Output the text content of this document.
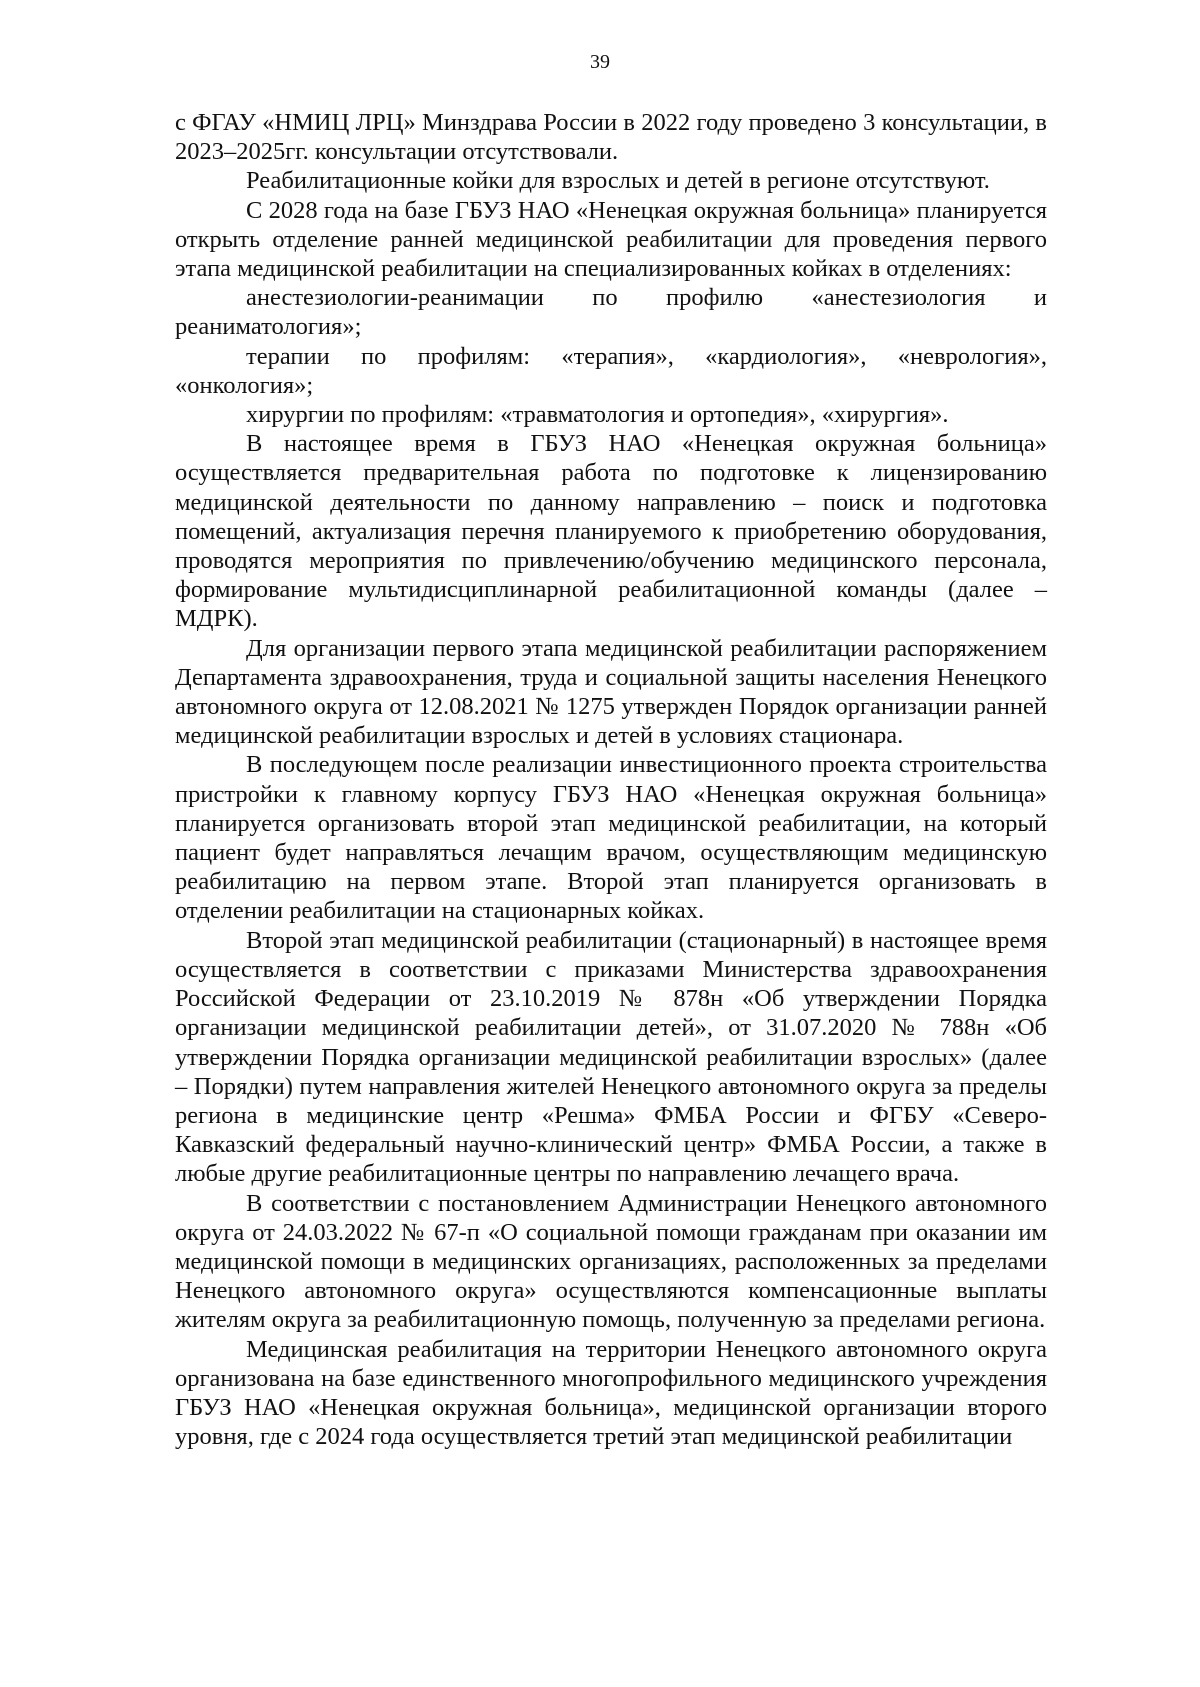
39

с ФГАУ «НМИЦ ЛРЦ» Минздрава России в 2022 году проведено 3 консультации, в 2023–2025гг. консультации отсутствовали.

Реабилитационные койки для взрослых и детей в регионе отсутствуют.

С 2028 года на базе ГБУЗ НАО «Ненецкая окружная больница» планируется открыть отделение ранней медицинской реабилитации для проведения первого этапа медицинской реабилитации на специализированных койках в отделениях:

анестезиологии-реанимации по профилю «анестезиология и реаниматология»;

терапии по профилям: «терапия», «кардиология», «неврология», «онкология»;

хирургии по профилям: «травматология и ортопедия», «хирургия».

В настоящее время в ГБУЗ НАО «Ненецкая окружная больница» осуществляется предварительная работа по подготовке к лицензированию медицинской деятельности по данному направлению – поиск и подготовка помещений, актуализация перечня планируемого к приобретению оборудования, проводятся мероприятия по привлечению/обучению медицинского персонала, формирование мультидисциплинарной реабилитационной команды (далее – МДРК).

Для организации первого этапа медицинской реабилитации распоряжением Департамента здравоохранения, труда и социальной защиты населения Ненецкого автономного округа от 12.08.2021 № 1275 утвержден Порядок организации ранней медицинской реабилитации взрослых и детей в условиях стационара.

В последующем после реализации инвестиционного проекта строительства пристройки к главному корпусу ГБУЗ НАО «Ненецкая окружная больница» планируется организовать второй этап медицинской реабилитации, на который пациент будет направляться лечащим врачом, осуществляющим медицинскую реабилитацию на первом этапе. Второй этап планируется организовать в отделении реабилитации на стационарных койках.

Второй этап медицинской реабилитации (стационарный) в настоящее время осуществляется в соответствии с приказами Министерства здравоохранения Российской Федерации от 23.10.2019 № 878н «Об утверждении Порядка организации медицинской реабилитации детей», от 31.07.2020 № 788н «Об утверждении Порядка организации медицинской реабилитации взрослых» (далее – Порядки) путем направления жителей Ненецкого автономного округа за пределы региона в медицинские центр «Решма» ФМБА России и ФГБУ «Северо-Кавказский федеральный научно-клинический центр» ФМБА России, а также в любые другие реабилитационные центры по направлению лечащего врача.

В соответствии с постановлением Администрации Ненецкого автономного округа от 24.03.2022 № 67-п «О социальной помощи гражданам при оказании им медицинской помощи в медицинских организациях, расположенных за пределами Ненецкого автономного округа» осуществляются компенсационные выплаты жителям округа за реабилитационную помощь, полученную за пределами региона.

Медицинская реабилитация на территории Ненецкого автономного округа организована на базе единственного многопрофильного медицинского учреждения ГБУЗ НАО «Ненецкая окружная больница», медицинской организации второго уровня, где с 2024 года осуществляется третий этап медицинской реабилитации
